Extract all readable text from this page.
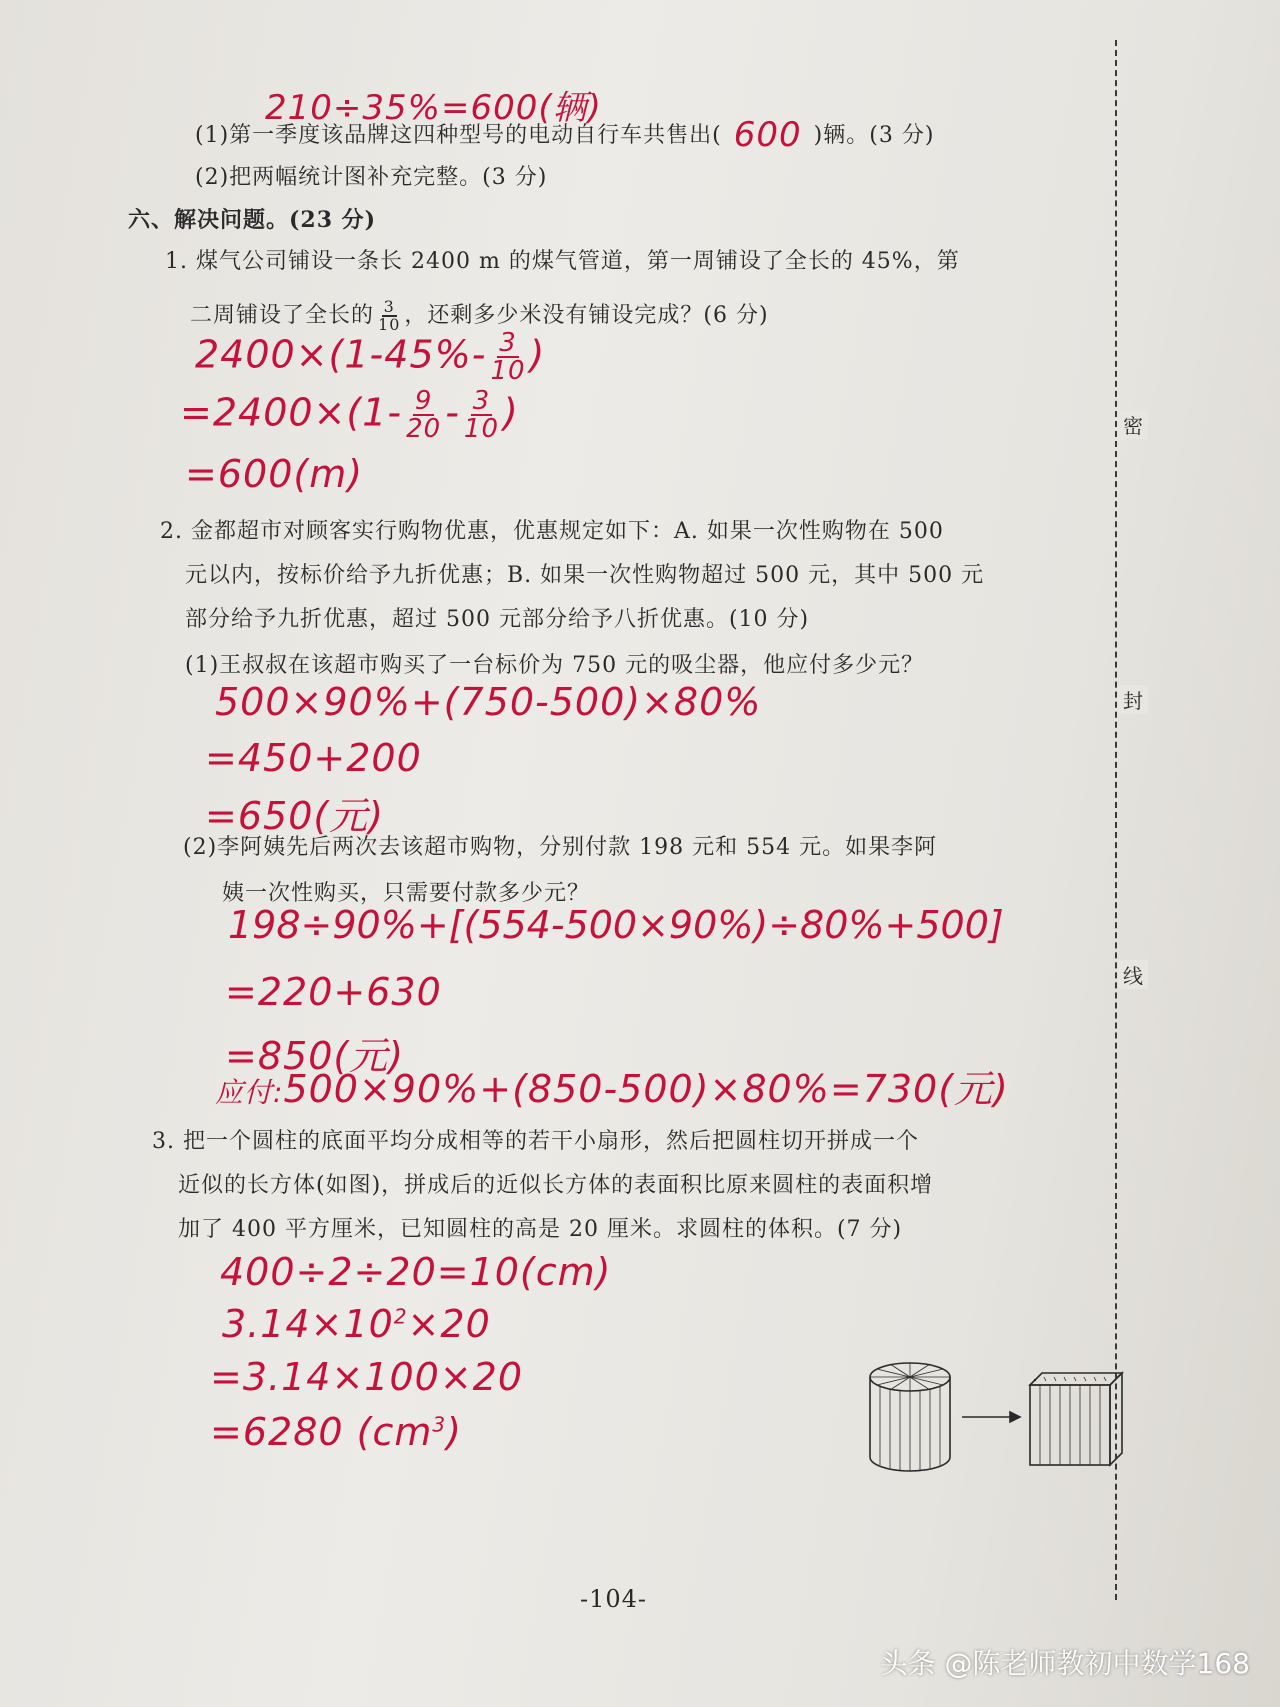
210÷35%=600(辆)
(1)第一季度该品牌这四种型号的电动自行车共售出( 600 )辆。(3 分)
(2)把两幅统计图补充完整。(3 分)
六、解决问题。(23 分)
1. 煤气公司铺设一条长 2400 m 的煤气管道，第一周铺设了全长的 45%，第
二周铺设了全长的 $\frac{3}{10}$ ，还剩多少米没有铺设完成？(6 分)
$2400\times(1-45\%- \frac{3}{10}$ )
$=2400\times(1- \frac{9}{20} - \frac{3}{10}$ )
=600(m)
2. 金都超市对顾客实行购物优惠，优惠规定如下：A. 如果一次性购物在 500
元以内，按标价给予九折优惠；B. 如果一次性购物超过 500 元，其中 500 元
部分给予九折优惠，超过 500 元部分给予八折优惠。(10 分)
(1)王叔叔在该超市购买了一台标价为 750 元的吸尘器，他应付多少元？
500×90%+(750-500)×80%
=450+200
=650(元)
(2)李阿姨先后两次去该超市购物，分别付款 198 元和 554 元。如果李阿
姨一次性购买，只需要付款多少元？
198÷90%+[(554-500×90%)÷80%+500]
=220+630
=850(元)
应付:500×90%+(850-500)×80%=730(元)
3. 把一个圆柱的底面平均分成相等的若干小扇形，然后把圆柱切开拼成一个
近似的长方体(如图)，拼成后的近似长方体的表面积比原来圆柱的表面积增
加了 400 平方厘米，已知圆柱的高是 20 厘米。求圆柱的体积。(7 分)
400÷2÷20=10(cm)
$3.14\times 10^2\times 20$
=3.14×100×20
=6280 $(cm^3)$
密
封
线
-104-
头条 @陈老师教初中数学168
